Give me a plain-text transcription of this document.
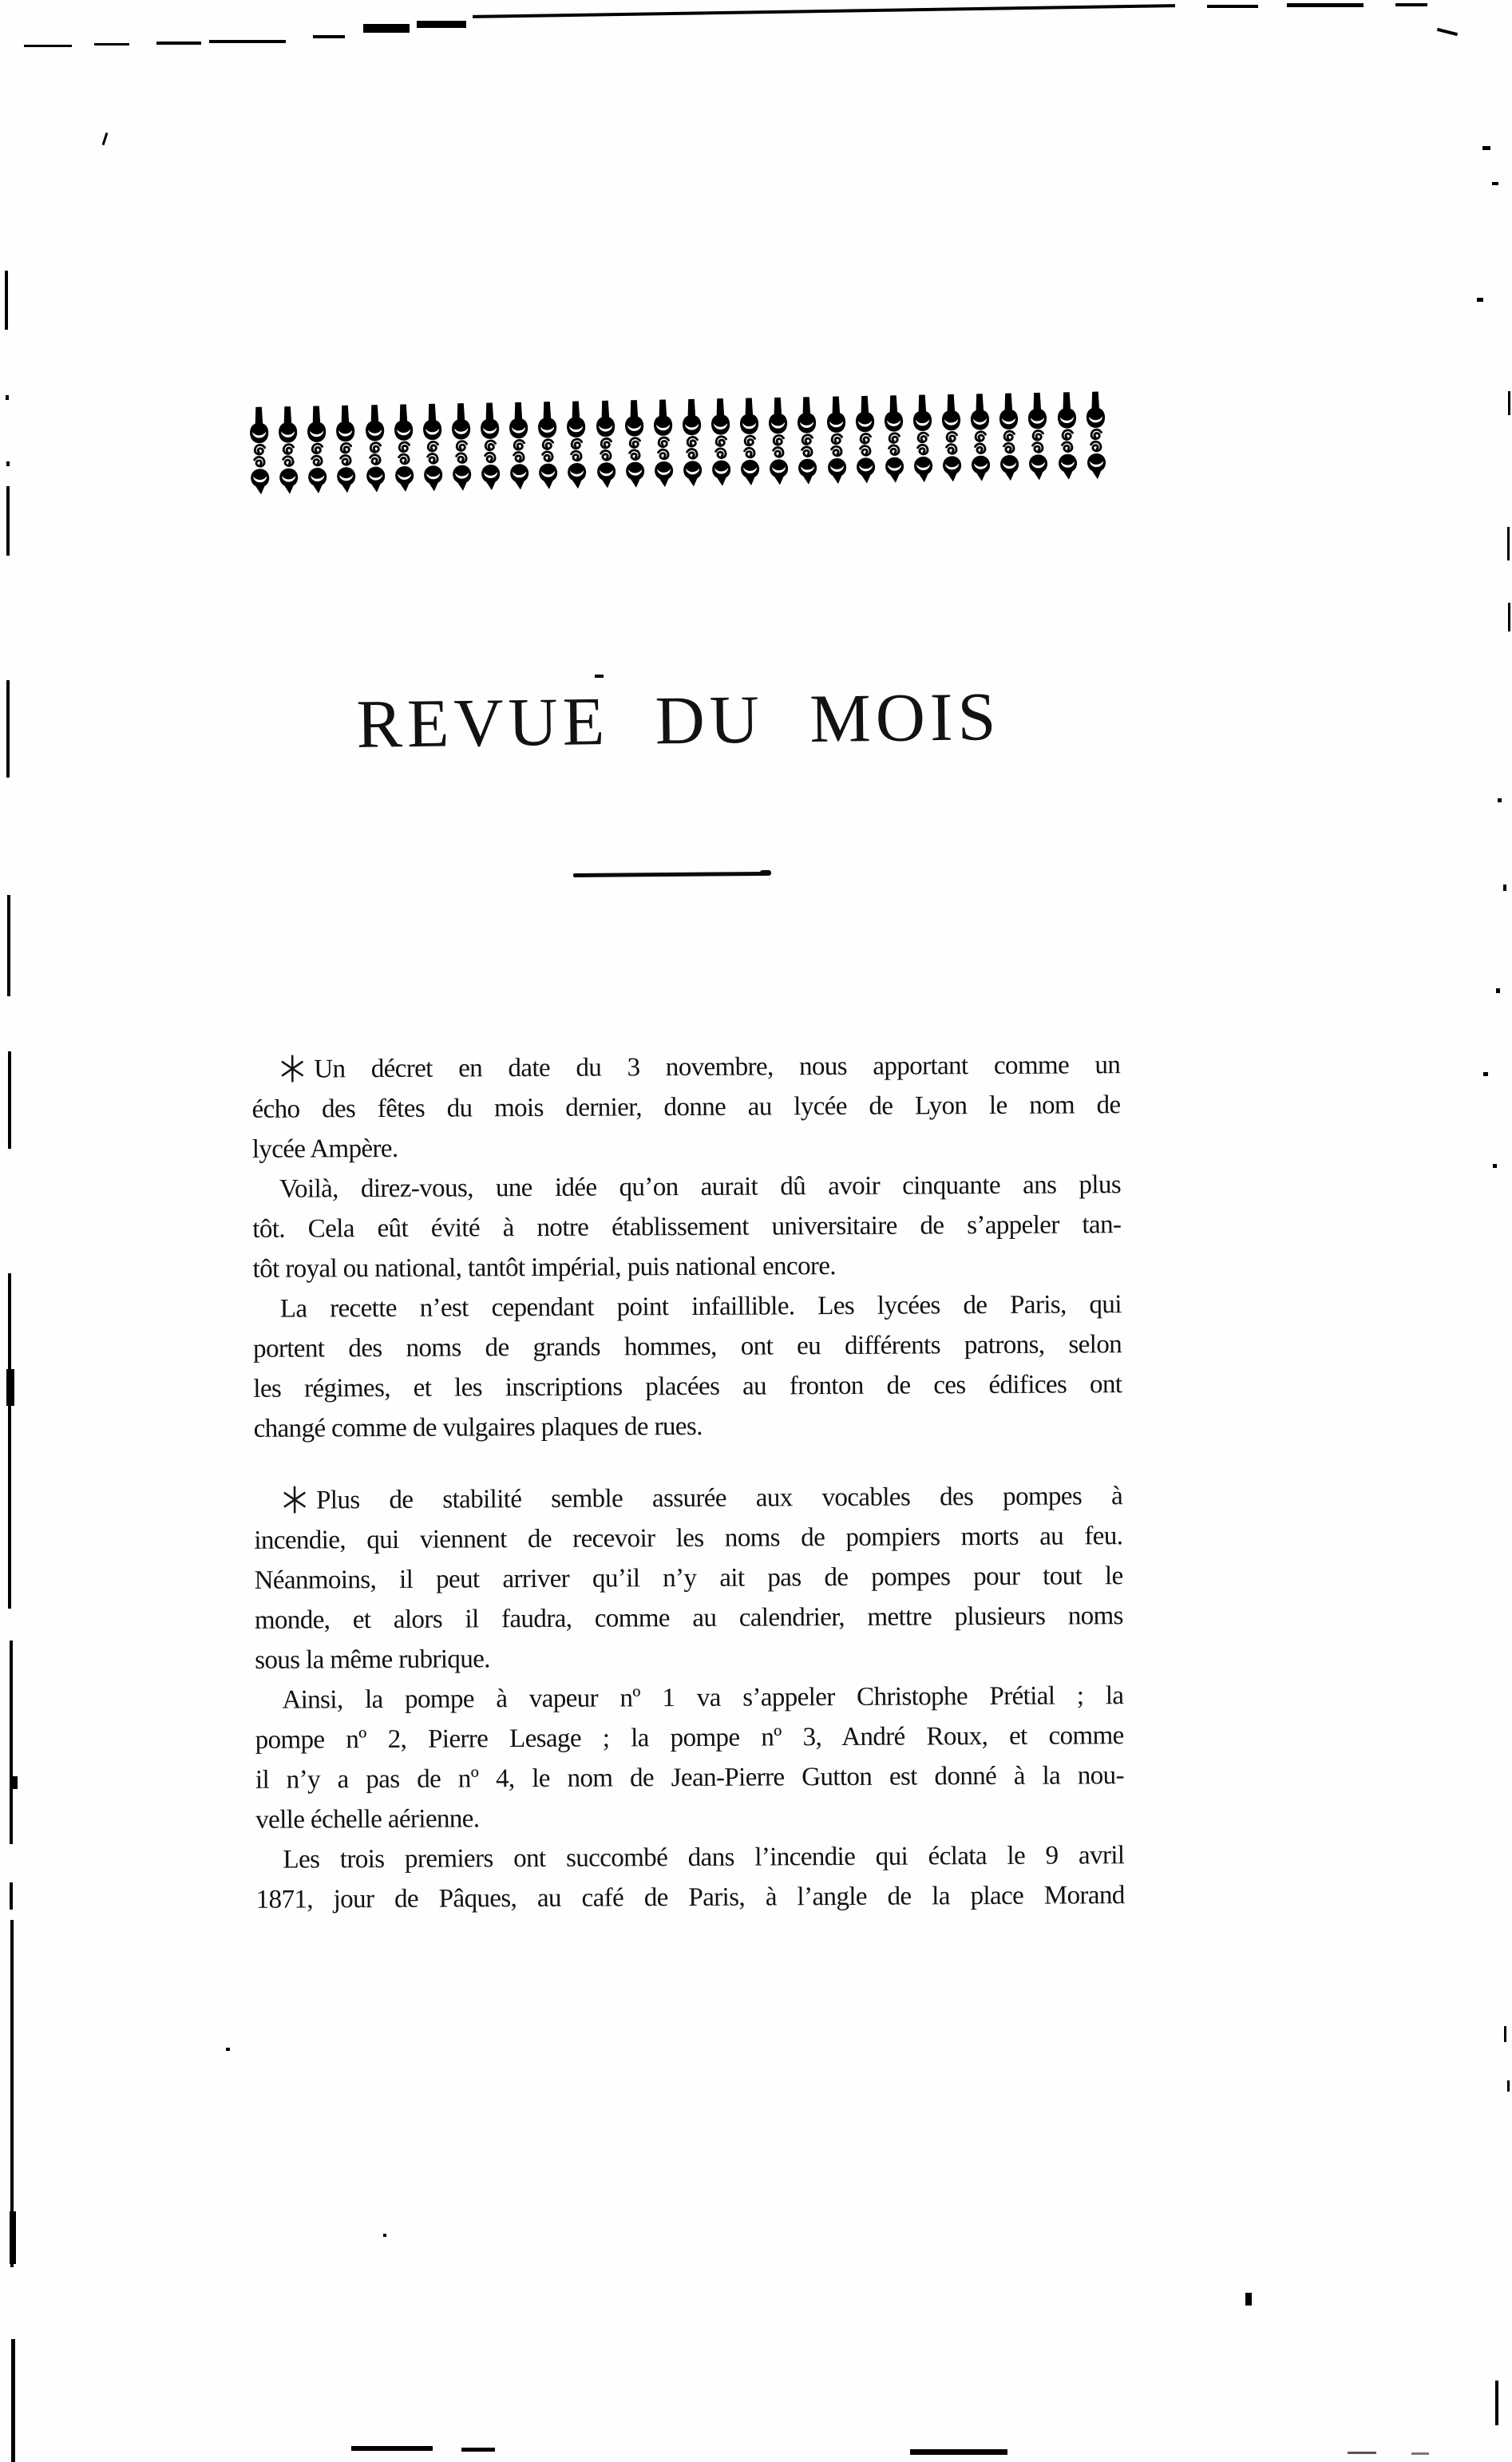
REVUE DU MOIS
Un décret en date du 3 novembre, nous apportant comme un
écho des fêtes du mois dernier, donne au lycée de Lyon le nom de
lycée Ampère.
Voilà, direz-vous, une idée qu’on aurait dû avoir cinquante ans plus
tôt. Cela eût évité à notre établissement universitaire de s’appeler tan-
tôt royal ou national, tantôt impérial, puis national encore.
La recette n’est cependant point infaillible. Les lycées de Paris, qui
portent des noms de grands hommes, ont eu différents patrons, selon
les régimes, et les inscriptions placées au fronton de ces édifices ont
changé comme de vulgaires plaques de rues.
Plus de stabilité semble assurée aux vocables des pompes à
incendie, qui viennent de recevoir les noms de pompiers morts au feu.
Néanmoins, il peut arriver qu’il n’y ait pas de pompes pour tout le
monde, et alors il faudra, comme au calendrier, mettre plusieurs noms
sous la même rubrique.
Ainsi, la pompe à vapeur nº 1 va s’appeler Christophe Prétial ; la
pompe nº 2, Pierre Lesage ; la pompe nº 3, André Roux, et comme
il n’y a pas de nº 4, le nom de Jean-Pierre Gutton est donné à la nou-
velle échelle aérienne.
Les trois premiers ont succombé dans l’incendie qui éclata le 9 avril
1871, jour de Pâques, au café de Paris, à l’angle de la place Morand
